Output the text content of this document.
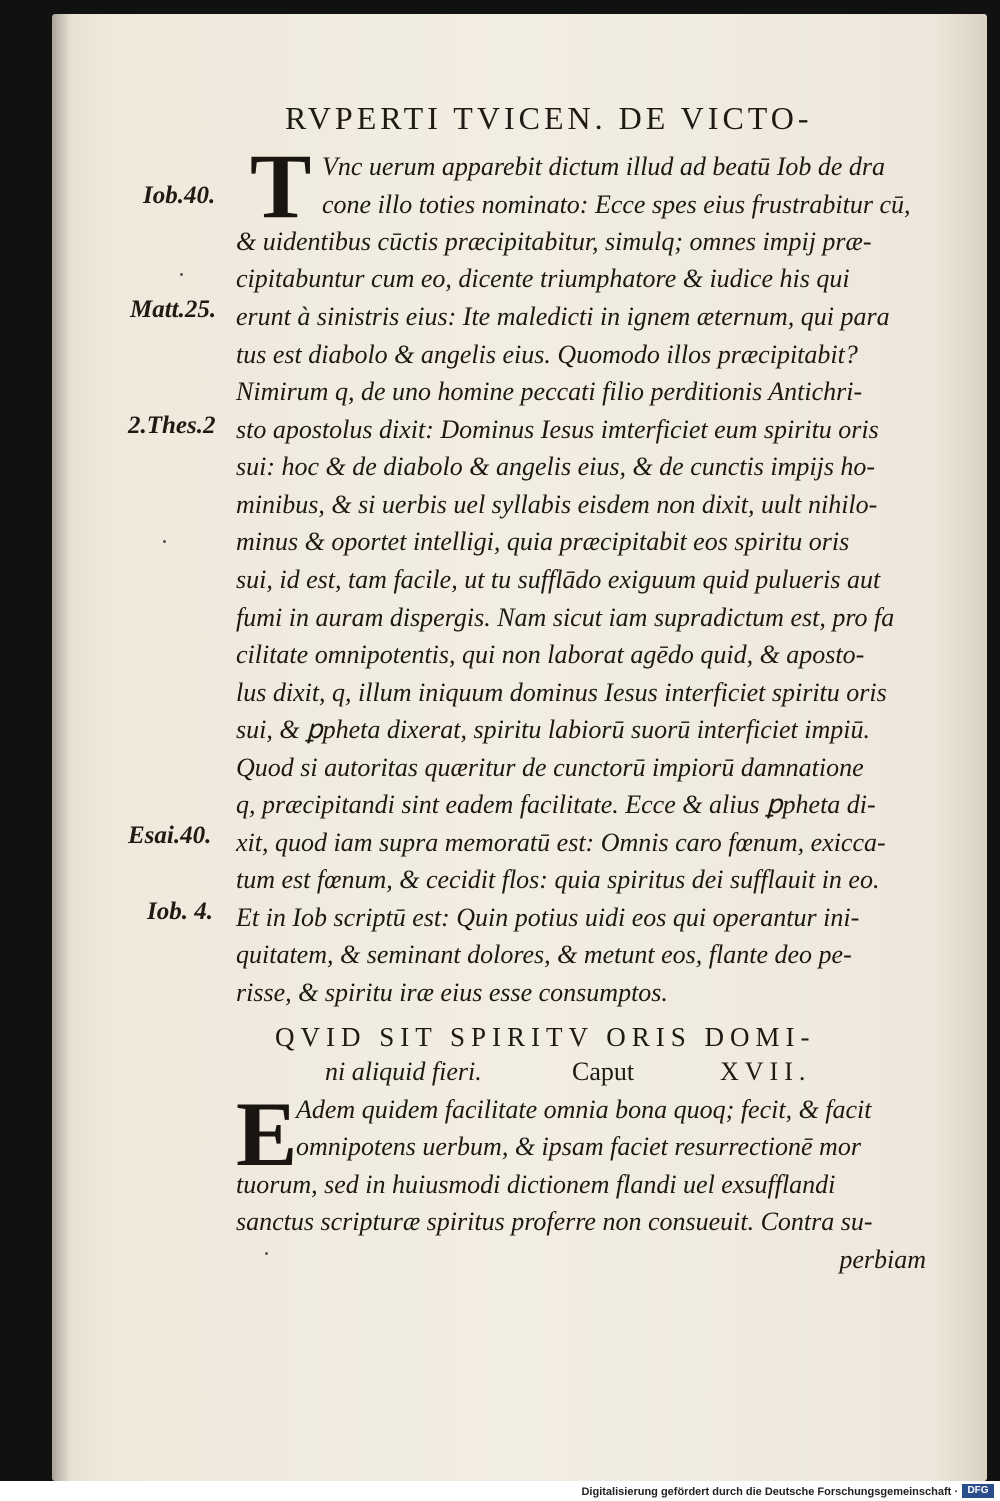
RVPERTI TVICEN. DE VICTO-
Iob.40.
Matt.25.
2.Thes.2
Esai.40.
Iob. 4.
T Vnc uerum apparebit dictum illud ad beatū Iob de dra
cone illo toties nominato: Ecce spes eius frustrabitur cū,
& uidentibus cūctis præcipitabitur, simulq; omnes impij præ-
cipitabuntur cum eo, dicente triumphatore & iudice his qui
erunt à sinistris eius: Ite maledicti in ignem æternum, qui para
tus est diabolo & angelis eius. Quomodo illos præcipitabit?
Nimirum q, de uno homine peccati filio perditionis Antichri-
sto apostolus dixit: Dominus Iesus imterficiet eum spiritu oris
sui: hoc & de diabolo & angelis eius, & de cunctis impijs ho-
minibus, & si uerbis uel syllabis eisdem non dixit, uult nihilo-
minus & oportet intelligi, quia præcipitabit eos spiritu oris
sui, id est, tam facile, ut tu sufflādo exiguum quid pulueris aut
fumi in auram dispergis. Nam sicut iam supradictum est, pro fa
cilitate omnipotentis, qui non laborat agēdo quid, & aposto-
lus dixit, q, illum iniquum dominus Iesus interficiet spiritu oris
sui, & ꝑpheta dixerat, spiritu labiorū suorū interficiet impiū.
Quod si autoritas quæritur de cunctorū impiorū damnatione
q, præcipitandi sint eadem facilitate. Ecce & alius ꝑpheta di-
xit, quod iam supra memoratū est: Omnis caro fœnum, exicca-
tum est fœnum, & cecidit flos: quia spiritus dei sufflauit in eo.
Et in Iob scriptū est: Quin potius uidi eos qui operantur ini-
quitatem, & seminant dolores, & metunt eos, flante deo pe-
risse, & spiritu iræ eius esse consumptos.
QVID SIT SPIRITV ORIS DOMI-
ni aliquid fieri.	Caput	XVII.
E
Adem quidem facilitate omnia bona quoq; fecit, & facit
omnipotens uerbum, & ipsam faciet resurrectionē mor
tuorum, sed in huiusmodi dictionem flandi uel exsufflandi
sanctus scripturæ spiritus proferre non consueuit. Contra su-
perbiam
Digitalisierung gefördert durch die Deutsche Forschungsgemeinschaft · DFG
